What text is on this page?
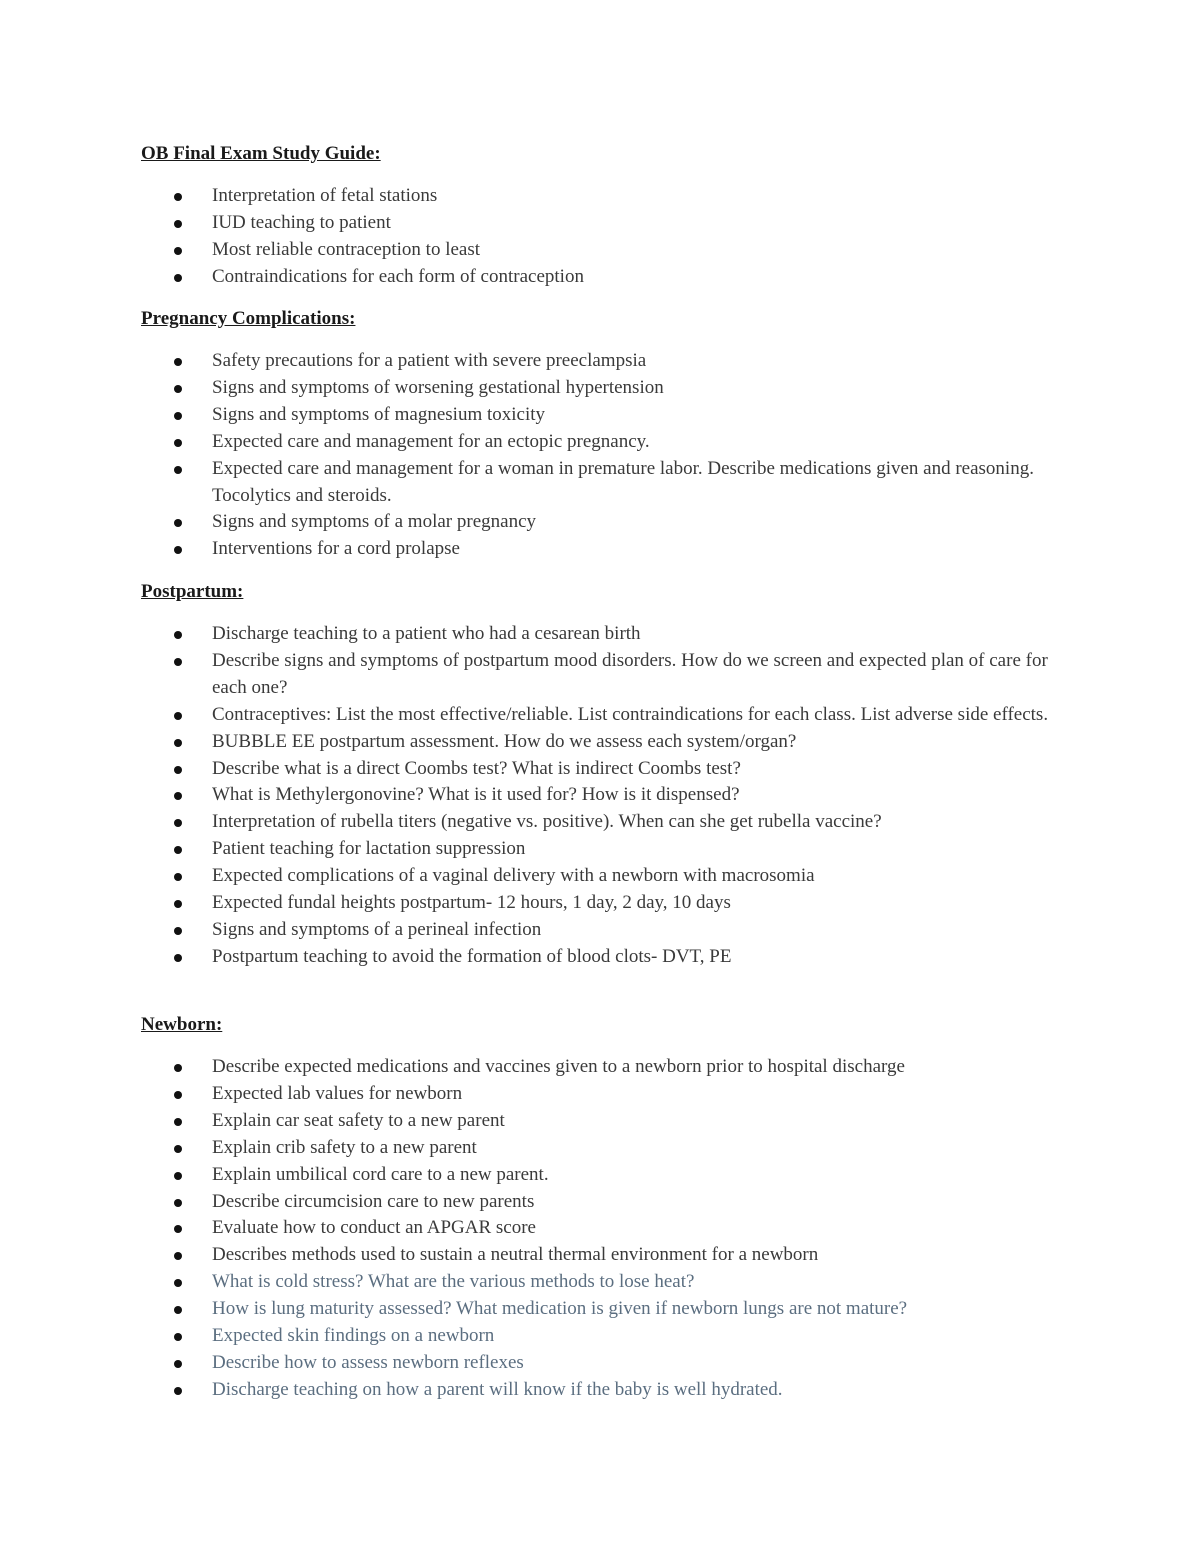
OB Final Exam Study Guide:

Interpretation of fetal stations
IUD teaching to patient
Most reliable contraception to least
Contraindications for each form of contraception

Pregnancy Complications:

Safety precautions for a patient with severe preeclampsia
Signs and symptoms of worsening gestational hypertension
Signs and symptoms of magnesium toxicity
Expected care and management for an ectopic pregnancy.
Expected care and management for a woman in premature labor. Describe medications given and reasoning. Tocolytics and steroids.
Signs and symptoms of a molar pregnancy
Interventions for a cord prolapse

Postpartum:

Discharge teaching to a patient who had a cesarean birth
Describe signs and symptoms of postpartum mood disorders. How do we screen and expected plan of care for each one?
Contraceptives: List the most effective/reliable. List contraindications for each class. List adverse side effects.
BUBBLE EE postpartum assessment. How do we assess each system/organ?
Describe what is a direct Coombs test? What is indirect Coombs test?
What is Methylergonovine? What is it used for? How is it dispensed?
Interpretation of rubella titers (negative vs. positive). When can she get rubella vaccine?
Patient teaching for lactation suppression
Expected complications of a vaginal delivery with a newborn with macrosomia
Expected fundal heights postpartum- 12 hours, 1 day, 2 day, 10 days
Signs and symptoms of a perineal infection
Postpartum teaching to avoid the formation of blood clots- DVT, PE

Newborn:

Describe expected medications and vaccines given to a newborn prior to hospital discharge
Expected lab values for newborn
Explain car seat safety to a new parent
Explain crib safety to a new parent
Explain umbilical cord care to a new parent.
Describe circumcision care to new parents
Evaluate how to conduct an APGAR score
Describes methods used to sustain a neutral thermal environment for a newborn
What is cold stress? What are the various methods to lose heat?
How is lung maturity assessed? What medication is given if newborn lungs are not mature?
Expected skin findings on a newborn
Describe how to assess newborn reflexes
Discharge teaching on how a parent will know if the baby is well hydrated.
